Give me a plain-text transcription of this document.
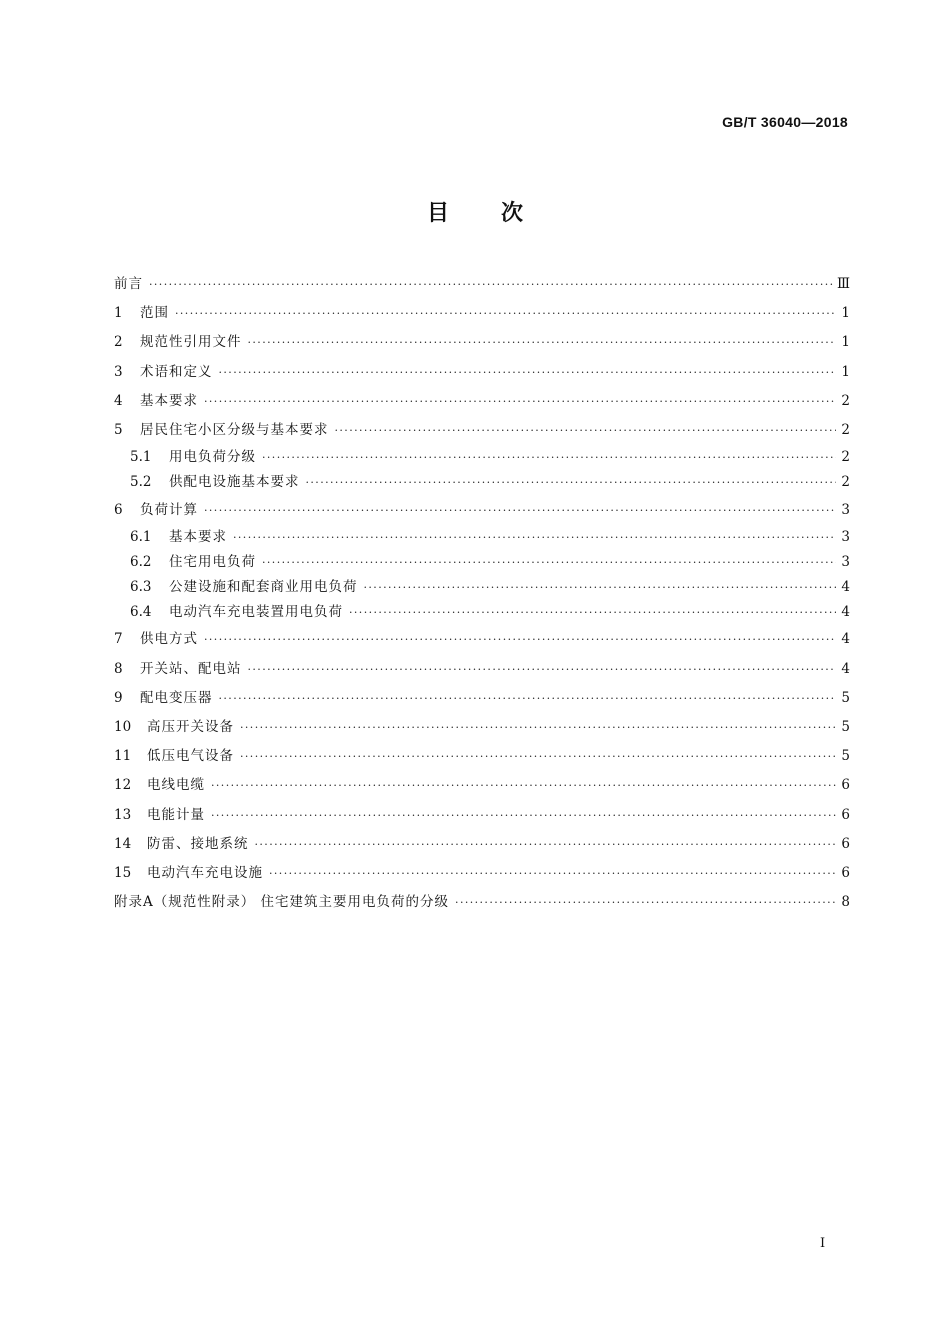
GB/T 36040—2018
目次
前言 ·····	Ⅲ
1	范围 ·····	1
2	规范性引用文件 ·····	1
3	术语和定义 ·····	1
4	基本要求 ·····	2
5	居民住宅小区分级与基本要求 ·····	2
5.1	用电负荷分级 ·····	2
5.2	供配电设施基本要求 ·····	2
6	负荷计算 ·····	3
6.1	基本要求 ·····	3
6.2	住宅用电负荷 ·····	3
6.3	公建设施和配套商业用电负荷 ·····	4
6.4	电动汽车充电装置用电负荷 ·····	4
7	供电方式 ·····	4
8	开关站、配电站 ·····	4
9	配电变压器 ·····	5
10	高压开关设备 ·····	5
11	低压电气设备 ·····	5
12	电线电缆 ·····	6
13	电能计量 ·····	6
14	防雷、接地系统 ·····	6
15	电动汽车充电设施 ·····	6
附录A（规范性附录） 住宅建筑主要用电负荷的分级 ·····	8
I
